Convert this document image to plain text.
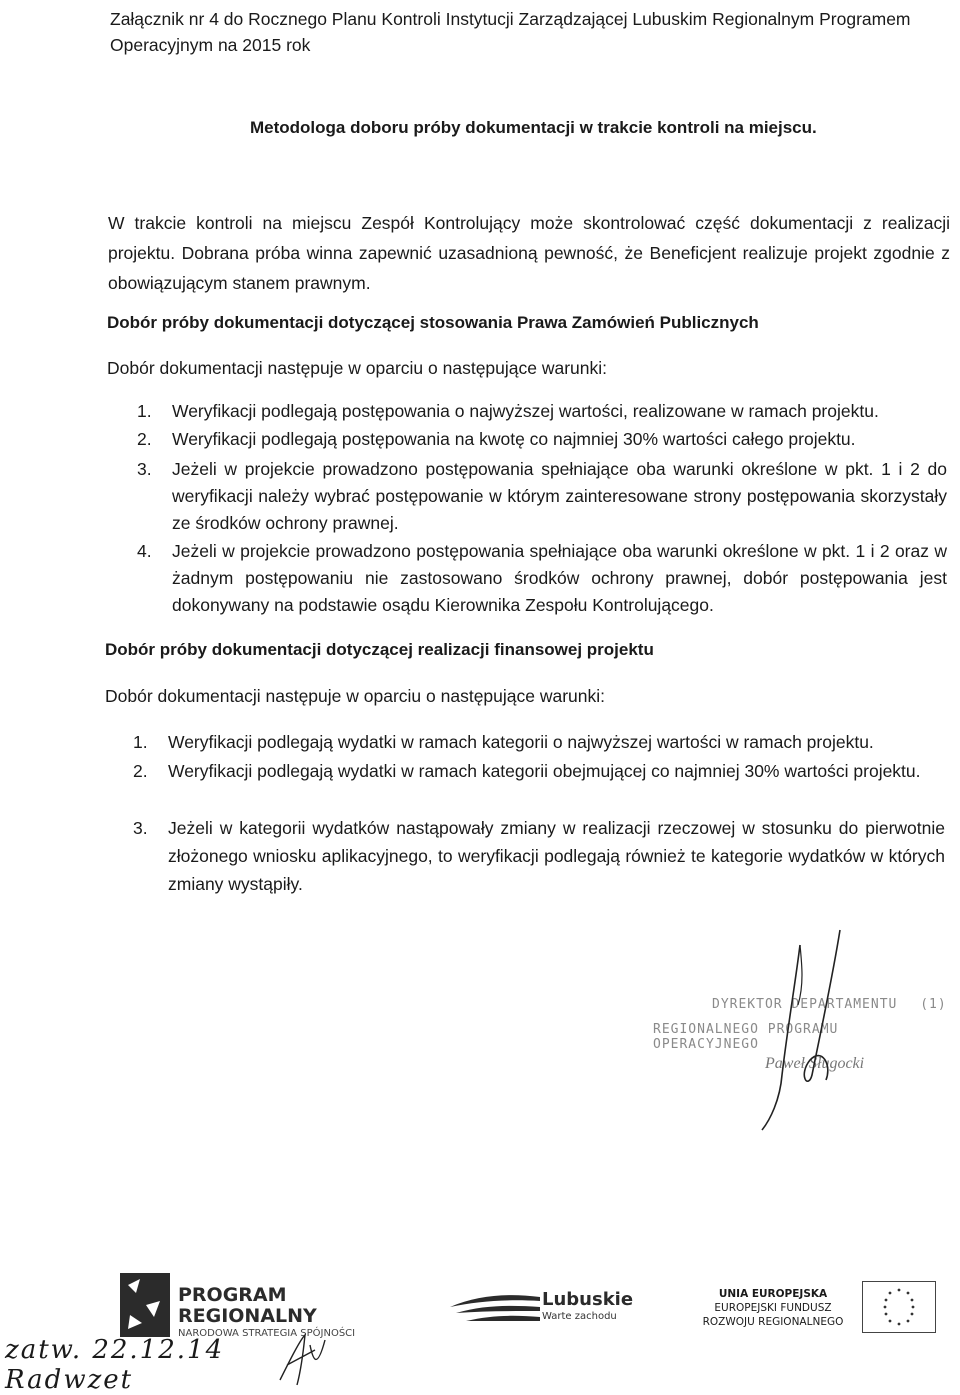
Załącznik nr 4 do Rocznego Planu Kontroli Instytucji Zarządzającej Lubuskim Regionalnym Programem
Operacyjnym na 2015 rok
Metodologa doboru próby dokumentacji w trakcie kontroli na miejscu.
W trakcie kontroli na miejscu Zespół Kontrolujący może skontrolować część dokumentacji z realizacji projektu. Dobrana próba winna zapewnić uzasadnioną pewność, że Beneficjent realizuje projekt zgodnie z obowiązującym stanem prawnym.
Dobór próby dokumentacji dotyczącej stosowania Prawa Zamówień Publicznych
Dobór dokumentacji następuje w oparciu o następujące warunki:
1. Weryfikacji podlegają postępowania o najwyższej wartości, realizowane w ramach projektu.
2. Weryfikacji podlegają postępowania na kwotę co najmniej 30% wartości całego projektu.
3. Jeżeli w projekcie prowadzono postępowania spełniające oba warunki określone w pkt. 1 i 2 do weryfikacji należy wybrać postępowanie w którym zainteresowane strony postępowania skorzystały ze środków ochrony prawnej.
4. Jeżeli w projekcie prowadzono postępowania spełniające oba warunki określone w pkt. 1 i 2 oraz w żadnym postępowaniu nie zastosowano środków ochrony prawnej, dobór postępowania jest dokonywany na podstawie osądu Kierownika Zespołu Kontrolującego.
Dobór próby dokumentacji dotyczącej realizacji finansowej projektu
Dobór dokumentacji następuje w oparciu o następujące warunki:
1. Weryfikacji podlegają wydatki w ramach kategorii o najwyższej wartości w ramach projektu.
2. Weryfikacji podlegają wydatki w ramach kategorii obejmującej co najmniej 30% wartości projektu.
3. Jeżeli w kategorii wydatków nastąpowały zmiany w realizacji rzeczowej w stosunku do pierwotnie złożonego wniosku aplikacyjnego, to weryfikacji podlegają również te kategorie wydatków w których zmiany wystąpiły.
DYREKTOR DEPARTAMENTU (1)
REGIONALNEGO PROGRAMU OPERACYJNEGO
Paweł Sługocki
PROGRAM
REGIONALNY
NARODOWA STRATEGIA SPÓJNOŚCI
Lubuskie
Warte zachodu
UNIA EUROPEJSKA
EUROPEJSKI FUNDUSZ
ROZWOJU REGIONALNEGO
zatw. 22.12.14 Radwzet
